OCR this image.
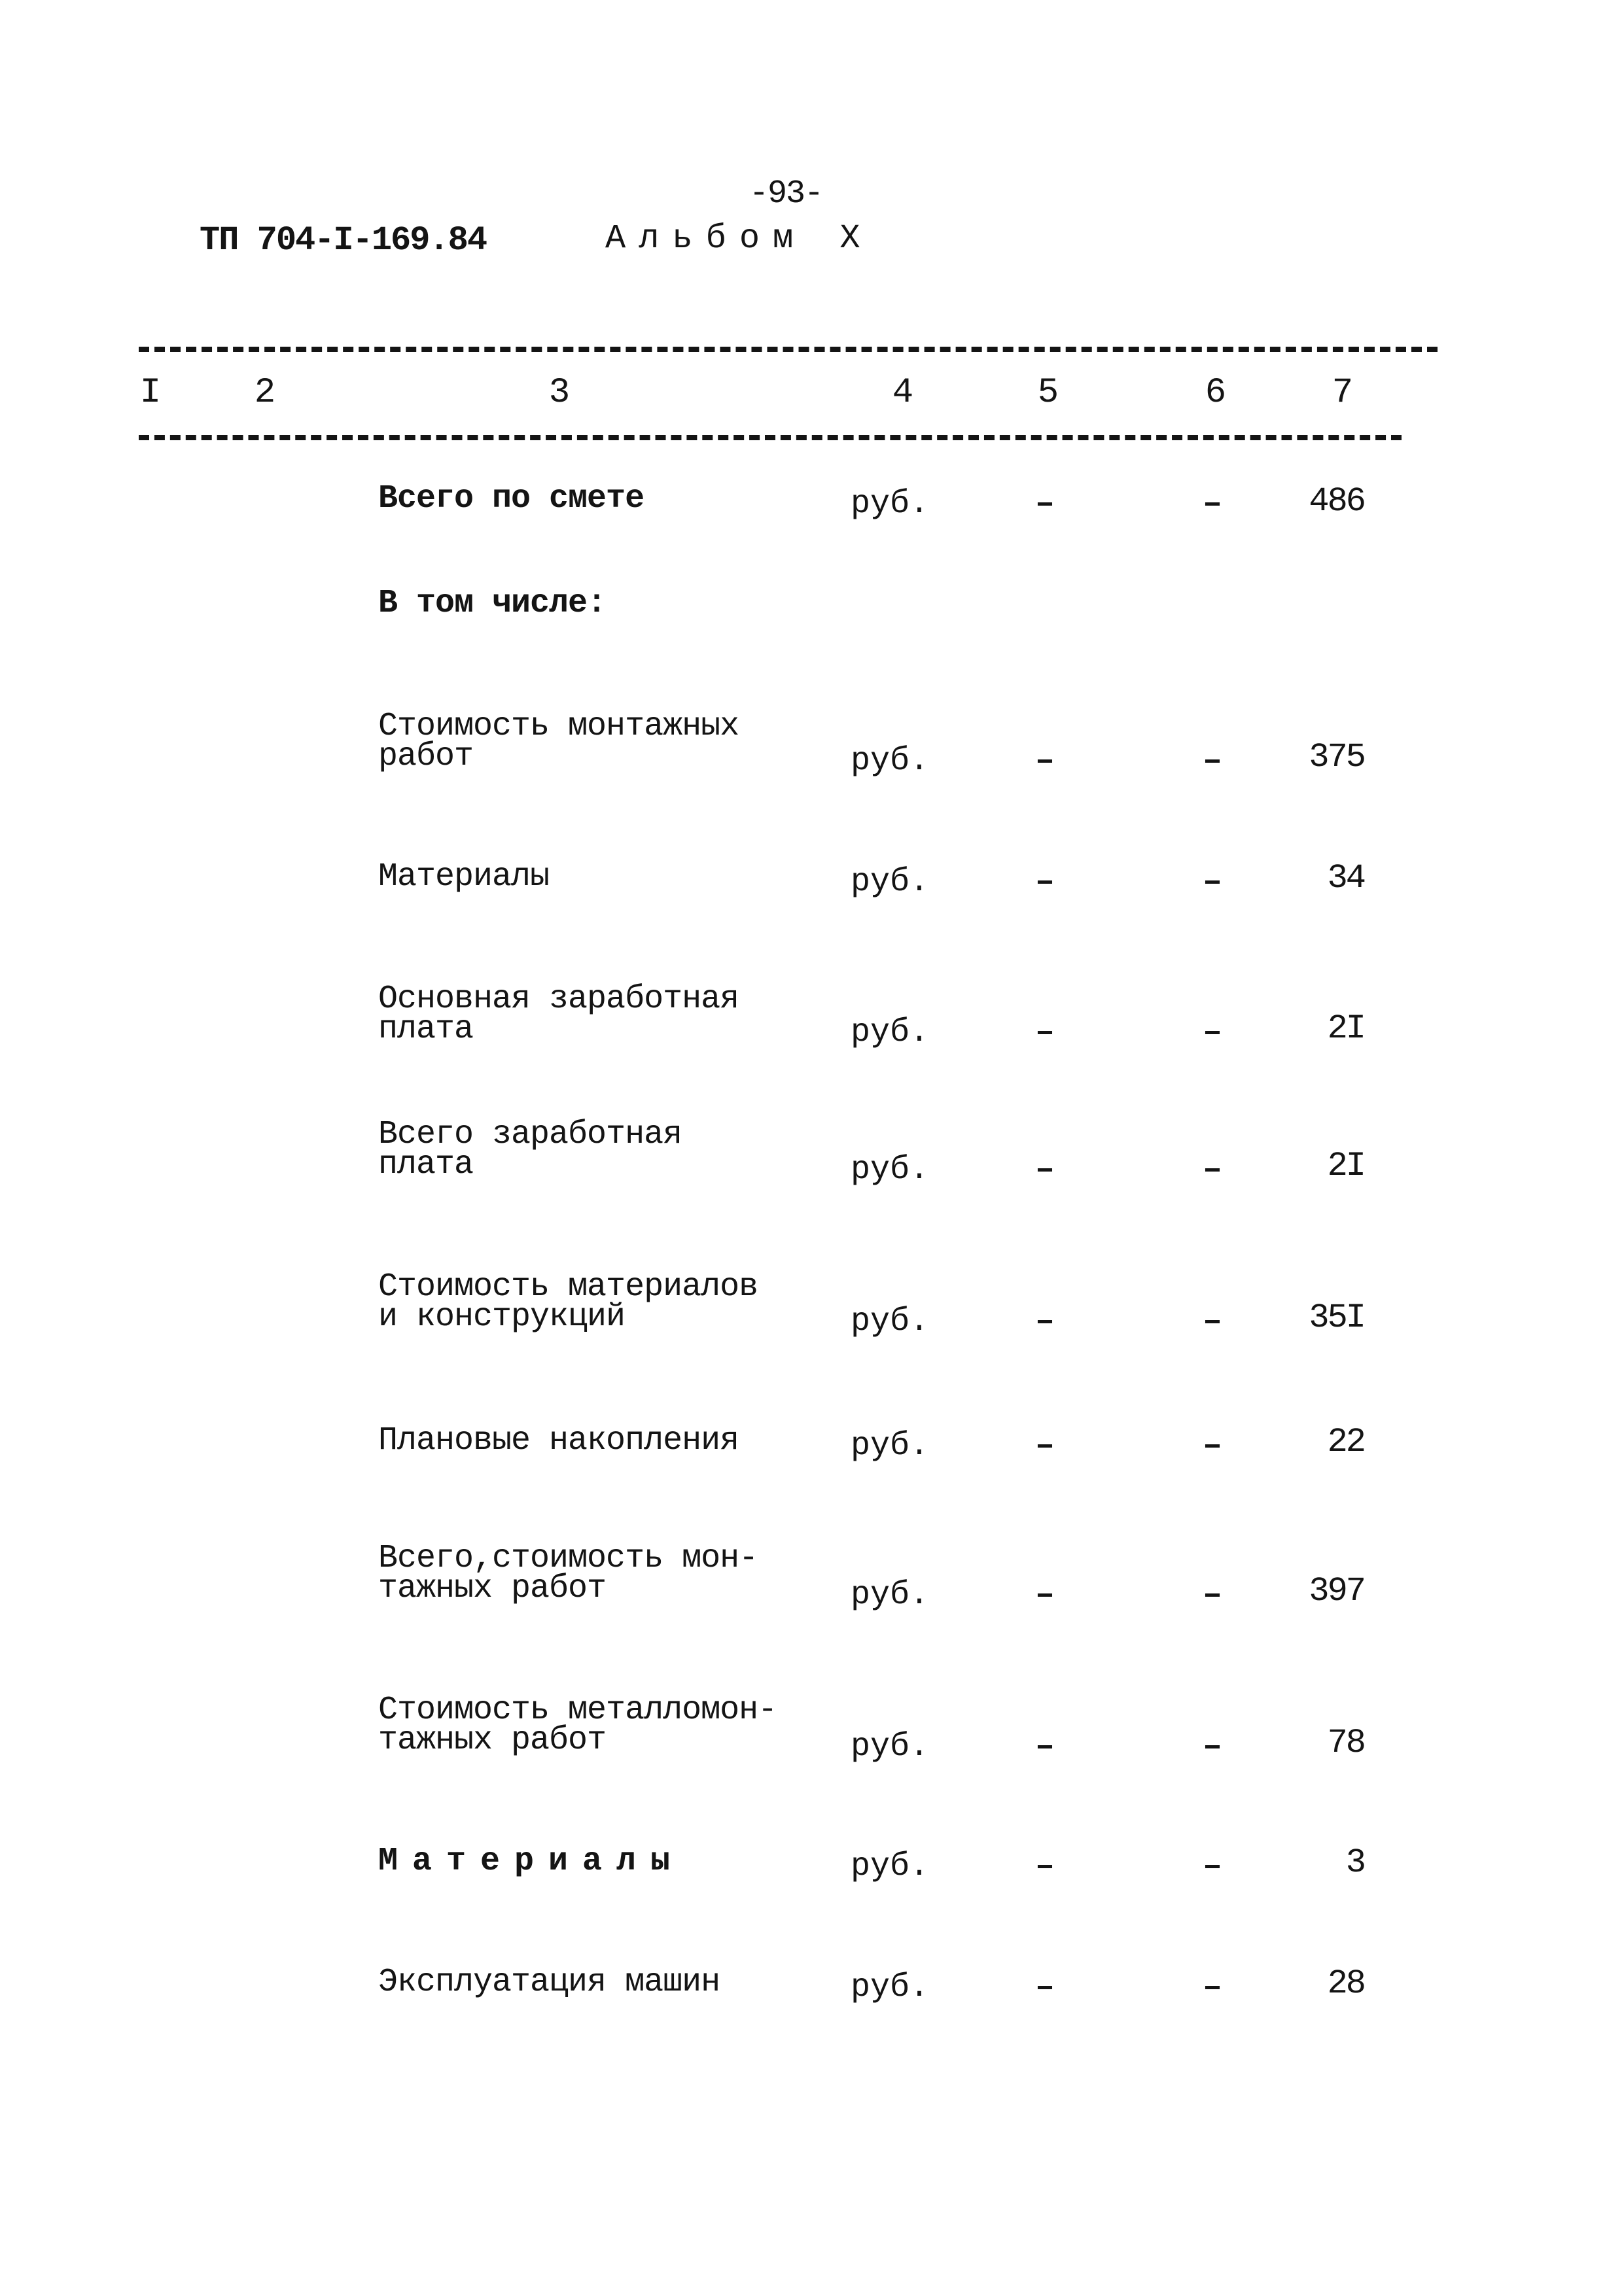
-93-
ТП 704-I-169.84	Альбом X
I	2	3	4	5	6	7
Всего по смете	руб.	–	–	486
В том числе:
Стоимость монтажных
работ	руб.	–	–	375
Материалы	руб.	–	–	34
Основная заработная
плата	руб.	–	–	2I
Всего заработная
плата	руб.	–	–	2I
Стоимость материалов
и конструкций	руб.	–	–	35I
Плановые накопления	руб.	–	–	22
Всего,стоимость мон-
тажных работ	руб.	–	–	397
Стоимость металломон-
тажных работ	руб.	–	–	78
Материалы	руб.	–	–	3
Эксплуатация машин	руб.	–	–	28
